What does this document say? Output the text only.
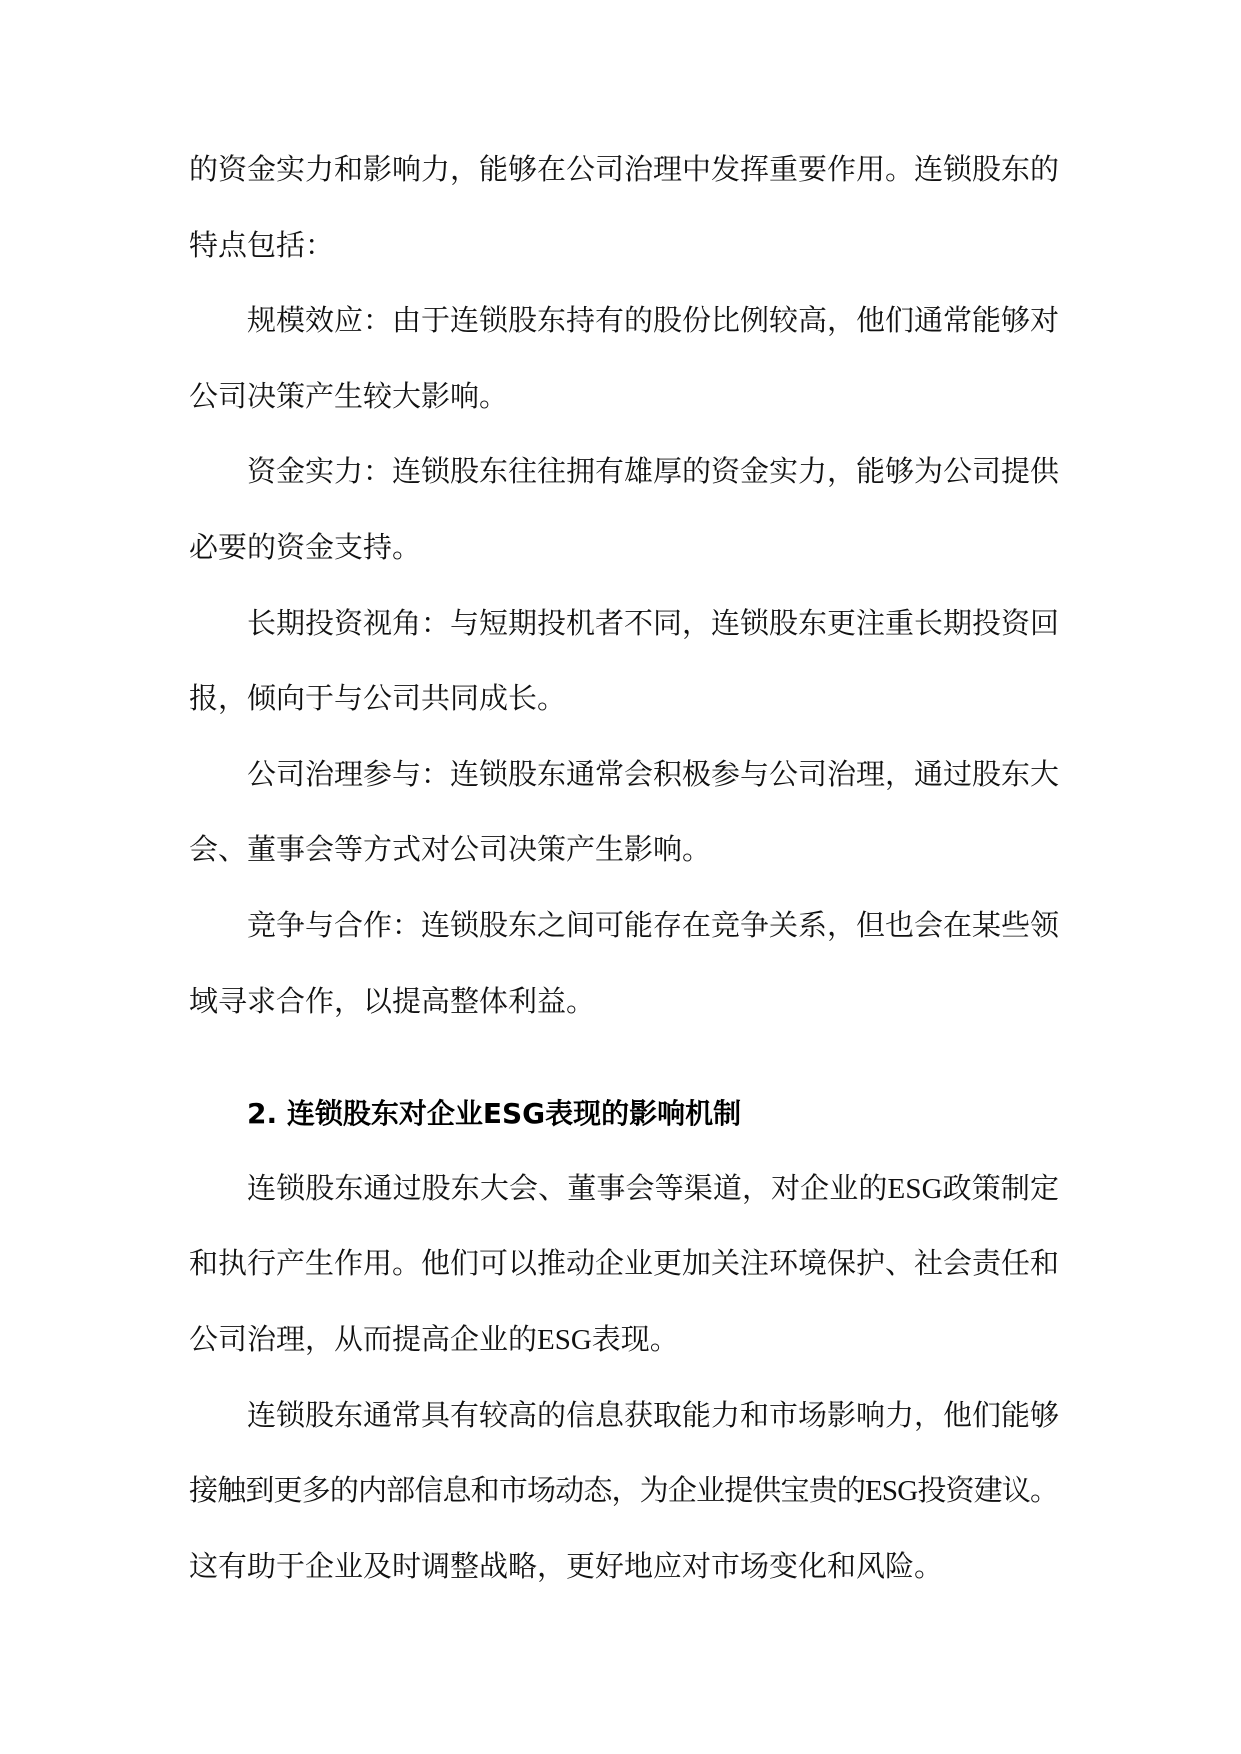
的资金实力和影响力，能够在公司治理中发挥重要作用。连锁股东的
特点包括：
规模效应：由于连锁股东持有的股份比例较高，他们通常能够对
公司决策产生较大影响。
资金实力：连锁股东往往拥有雄厚的资金实力，能够为公司提供
必要的资金支持。
长期投资视角：与短期投机者不同，连锁股东更注重长期投资回
报，倾向于与公司共同成长。
公司治理参与：连锁股东通常会积极参与公司治理，通过股东大
会、董事会等方式对公司决策产生影响。
竞争与合作：连锁股东之间可能存在竞争关系，但也会在某些领
域寻求合作，以提高整体利益。
2. 连锁股东对企业ESG表现的影响机制
连锁股东通过股东大会、董事会等渠道，对企业的ESG政策制定
和执行产生作用。他们可以推动企业更加关注环境保护、社会责任和
公司治理，从而提高企业的ESG表现。
连锁股东通常具有较高的信息获取能力和市场影响力，他们能够
接触到更多的内部信息和市场动态，为企业提供宝贵的ESG投资建议。
这有助于企业及时调整战略，更好地应对市场变化和风险。
